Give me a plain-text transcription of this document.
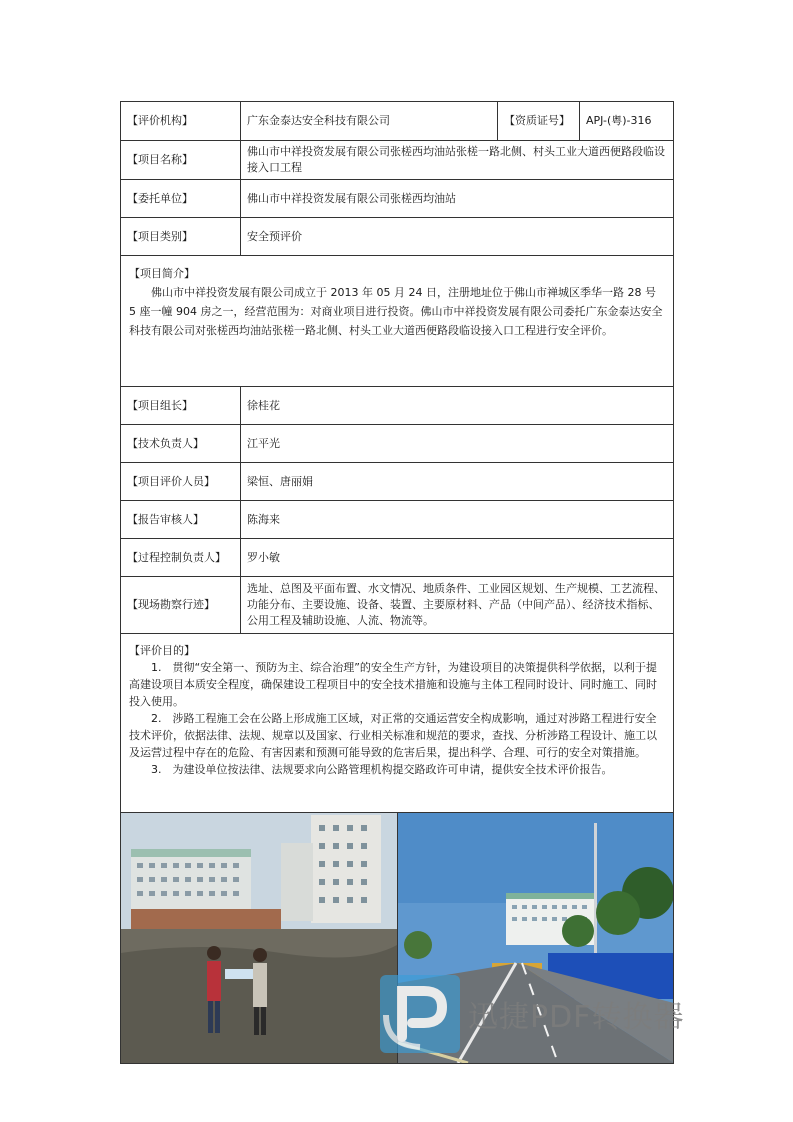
【评价机构】	广东金泰达安全科技有限公司	【资质证号】	APJ-(粤)-316
【项目名称】	佛山市中祥投资发展有限公司张槎西均油站张槎一路北侧、村头工业大道西便路段临设接入口工程		
【委托单位】	佛山市中祥投资发展有限公司张槎西均油站		
【项目类别】	安全预评价		

【项目简介】

佛山市中祥投资发展有限公司成立于 2013 年 05 月 24 日，注册地址位于佛山市禅城区季华一路 28 号 5 座一幢 904 房之一，经营范围为：对商业项目进行投资。佛山市中祥投资发展有限公司委托广东金泰达安全科技有限公司对张槎西均油站张槎一路北侧、村头工业大道西便路段临设接入口工程进行安全评价。			

【项目组长】	徐桂花		
【技术负责人】	江平光		
【项目评价人员】	梁恒、唐丽娟		
【报告审核人】	陈海来		
【过程控制负责人】	罗小敏		
【现场勘察行迹】	选址、总图及平面布置、水文情况、地质条件、工业园区规划、生产规模、工艺流程、功能分布、主要设施、设备、装置、主要原材料、产品（中间产品）、经济技术指标、公用工程及辅助设施、人流、物流等。		

【评价目的】

1.　贯彻“安全第一、预防为主、综合治理”的安全生产方针，为建设项目的决策提供科学依据，以利于提高建设项目本质安全程度，确保建设工程项目中的安全技术措施和设施与主体工程同时设计、同时施工、同时投入使用。

2.　涉路工程施工会在公路上形成施工区域，对正常的交通运营安全构成影响，通过对涉路工程进行安全技术评价，依据法律、法规、规章以及国家、行业相关标准和规范的要求，查找、分析涉路工程设计、施工以及运营过程中存在的危险、有害因素和预测可能导致的危害后果，提出科学、合理、可行的安全对策措施。

3.　为建设单位按法律、法规要求向公路管理机构提交路政许可申请，提供安全技术评价报告。			

迅捷PDF转换器
